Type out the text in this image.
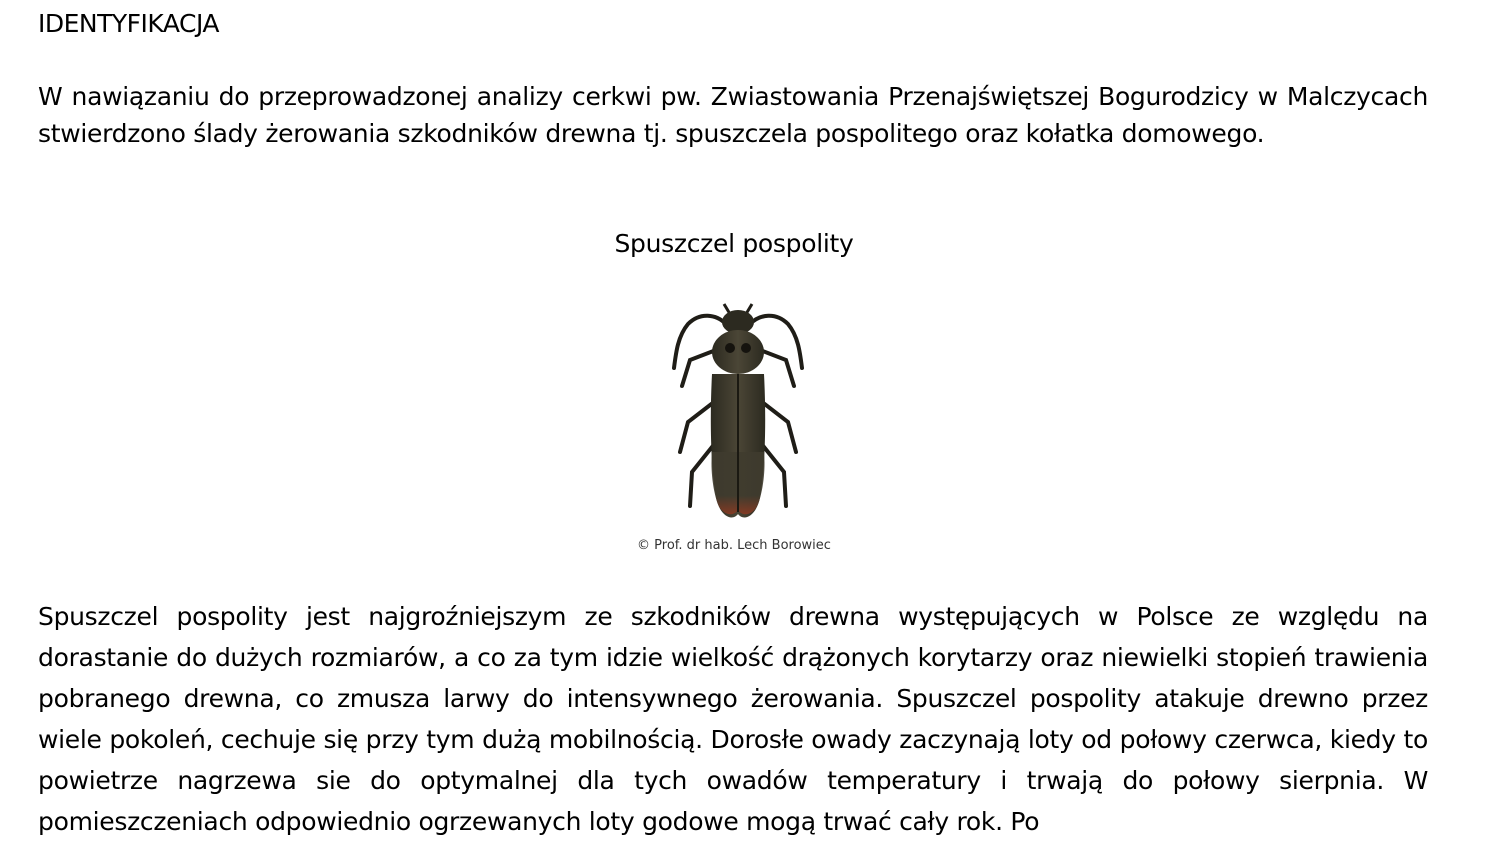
IDENTYFIKACJA

W nawiązaniu do przeprowadzonej analizy cerkwi pw. Zwiastowania Przenajświętszej Bogurodzicy w Malczycach stwierdzono ślady żerowania szkodników drewna tj. spuszczela pospolitego oraz kołatka domowego.

Spuszczel pospolity
© Prof. dr hab. Lech Borowiec

Spuszczel pospolity jest najgroźniejszym ze szkodników drewna występujących w Polsce ze względu na dorastanie do dużych rozmiarów, a co za tym idzie wielkość drążonych korytarzy oraz niewielki stopień trawienia pobranego drewna, co zmusza larwy do intensywnego żerowania. Spuszczel pospolity atakuje drewno przez wiele pokoleń, cechuje się przy tym dużą mobilnością. Dorosłe owady zaczynają loty od połowy czerwca, kiedy to powietrze nagrzewa sie do optymalnej dla tych owadów temperatury i trwają do połowy sierpnia. W pomieszczeniach odpowiednio ogrzewanych loty godowe mogą trwać cały rok. Po
